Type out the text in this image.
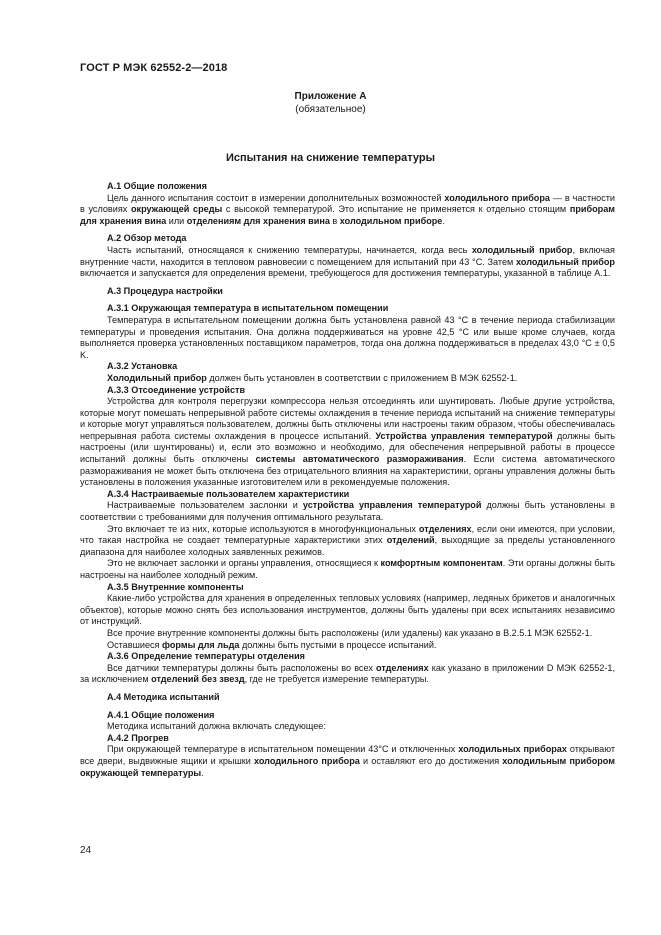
ГОСТ Р МЭК 62552-2—2018
Приложение А
(обязательное)
Испытания на снижение температуры
А.1 Общие положения

Цель данного испытания состоит в измерении дополнительных возможностей холодильного прибора — в частности в условиях окружающей среды с высокой температурой. Это испытание не применяется к отдельно стоящим приборам для хранения вина или отделениям для хранения вина в холодильном приборе.

А.2 Обзор метода

Часть испытаний, относящаяся к снижению температуры, начинается, когда весь холодильный прибор, включая внутренние части, находится в тепловом равновесии с помещением для испытаний при 43 °C. Затем холодильный прибор включается и запускается для определения времени, требующегося для достижения температуры, указанной в таблице А.1.

А.3 Процедура настройки
А.3.1 Окружающая температура в испытательном помещении

Температура в испытательном помещении должна быть установлена равной 43 °C в течение периода стабилизации температуры и проведения испытания. Она должна поддерживаться на уровне 42,5 °C или выше кроме случаев, когда выполняется проверка установленных поставщиком параметров, тогда она должна поддерживаться в пределах 43,0 °C ± 0,5 K.

А.3.2 Установка

Холодильный прибор должен быть установлен в соответствии с приложением В МЭК 62552-1.

А.3.3 Отсоединение устройств

Устройства для контроля перегрузки компрессора нельзя отсоединять или шунтировать. Любые другие устройства, которые могут помешать непрерывной работе системы охлаждения в течение периода испытаний на снижение температуры и которые могут управляться пользователем, должны быть отключены или настроены таким образом, чтобы обеспечивалась непрерывная работа системы охлаждения в процессе испытаний. Устройства управления температурой должны быть настроены (или шунтированы) и, если это возможно и необходимо, для обеспечения непрерывной работы в процессе испытаний должны быть отключены системы автоматического размораживания. Если система автоматического размораживания не может быть отключена без отрицательного влияния на характеристики, органы управления должны быть установлены в положения указанные изготовителем или в рекомендуемые положения.

А.3.4 Настраиваемые пользователем характеристики

Настраиваемые пользователем заслонки и устройства управления температурой должны быть установлены в соответствии с требованиями для получения оптимального результата.

Это включает те из них, которые используются в многофункциональных отделениях, если они имеются, при условии, что такая настройка не создает температурные характеристики этих отделений, выходящие за пределы установленного диапазона для наиболее холодных заявленных режимов.

Это не включает заслонки и органы управления, относящиеся к комфортным компонентам. Эти органы должны быть настроены на наиболее холодный режим.

А.3.5 Внутренние компоненты

Какие-либо устройства для хранения в определенных тепловых условиях (например, ледяных брикетов и аналогичных объектов), которые можно снять без использования инструментов, должны быть удалены при всех испытаниях независимо от инструкций.

Все прочие внутренние компоненты должны быть расположены (или удалены) как указано в В.2.5.1 МЭК 62552-1.

Оставшиеся формы для льда должны быть пустыми в процессе испытаний.

А.3.6 Определение температуры отделения

Все датчики температуры должны быть расположены во всех отделениях как указано в приложении D МЭК 62552-1, за исключением отделений без звезд, где не требуется измерение температуры.

А.4 Методика испытаний
А.4.1 Общие положения

Методика испытаний должна включать следующее:

А.4.2 Прогрев

При окружающей температуре в испытательном помещении 43°C и отключенных холодильных приборах открывают все двери, выдвижные ящики и крышки холодильного прибора и оставляют его до достижения холодильным прибором окружающей температуры.

24
